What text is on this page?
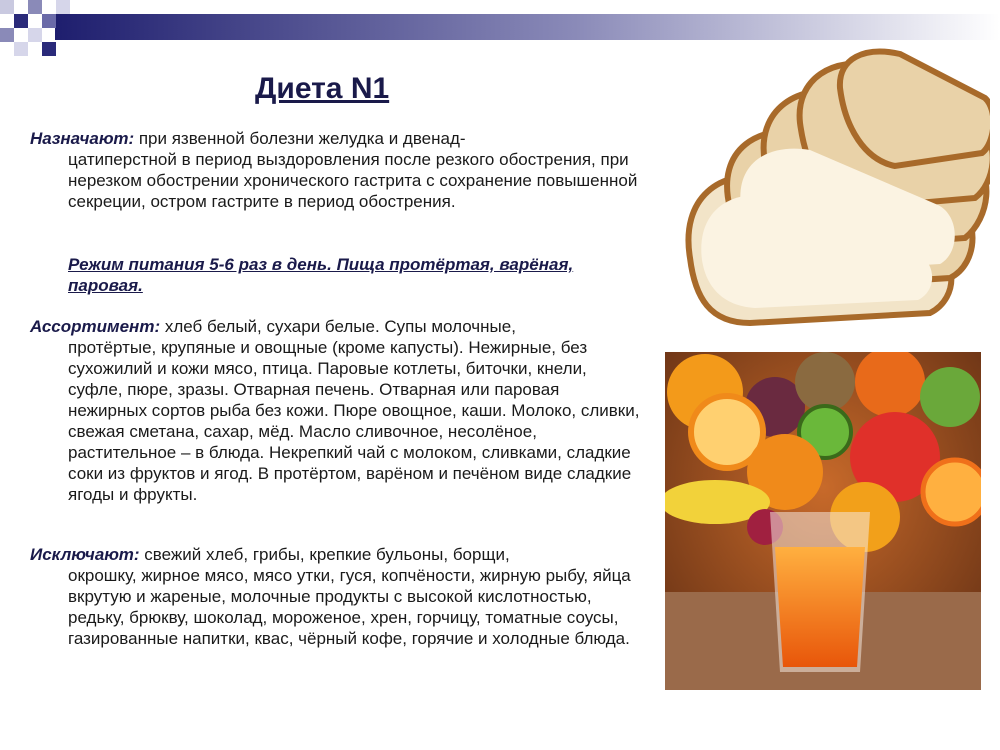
Диета N1
Назначают: при язвенной болезни желудка и двенад-
цатиперстной в период выздоровления после резкого обострения, при нерезком обострении хронического гастрита с сохранение повышенной секреции, остром гастрите в период обострения.
Режим питания 5-6 раз в день. Пища протёртая, варёная, паровая.
Ассортимент: хлеб белый, сухари белые. Супы молочные,
протёртые, крупяные и овощные (кроме капусты). Нежирные, без сухожилий и кожи мясо, птица. Паровые котлеты, биточки, кнели, суфле, пюре, зразы. Отварная печень. Отварная или паровая нежирных сортов рыба без кожи. Пюре овощное, каши. Молоко, сливки, свежая сметана, сахар, мёд. Масло сливочное, несолёное, растительное – в блюда. Некрепкий чай с молоком, сливками, сладкие соки из фруктов и ягод. В протёртом, варёном и печёном виде сладкие ягоды и фрукты.
Исключают: свежий хлеб, грибы, крепкие бульоны, борщи,
окрошку, жирное мясо, мясо утки, гуся, копчёности, жирную рыбу, яйца вкрутую и жареные, молочные продукты с высокой кислотностью, редьку, брюкву, шоколад, мороженое, хрен, горчицу, томатные соусы, газированные напитки, квас, чёрный кофе, горячие и холодные блюда.
